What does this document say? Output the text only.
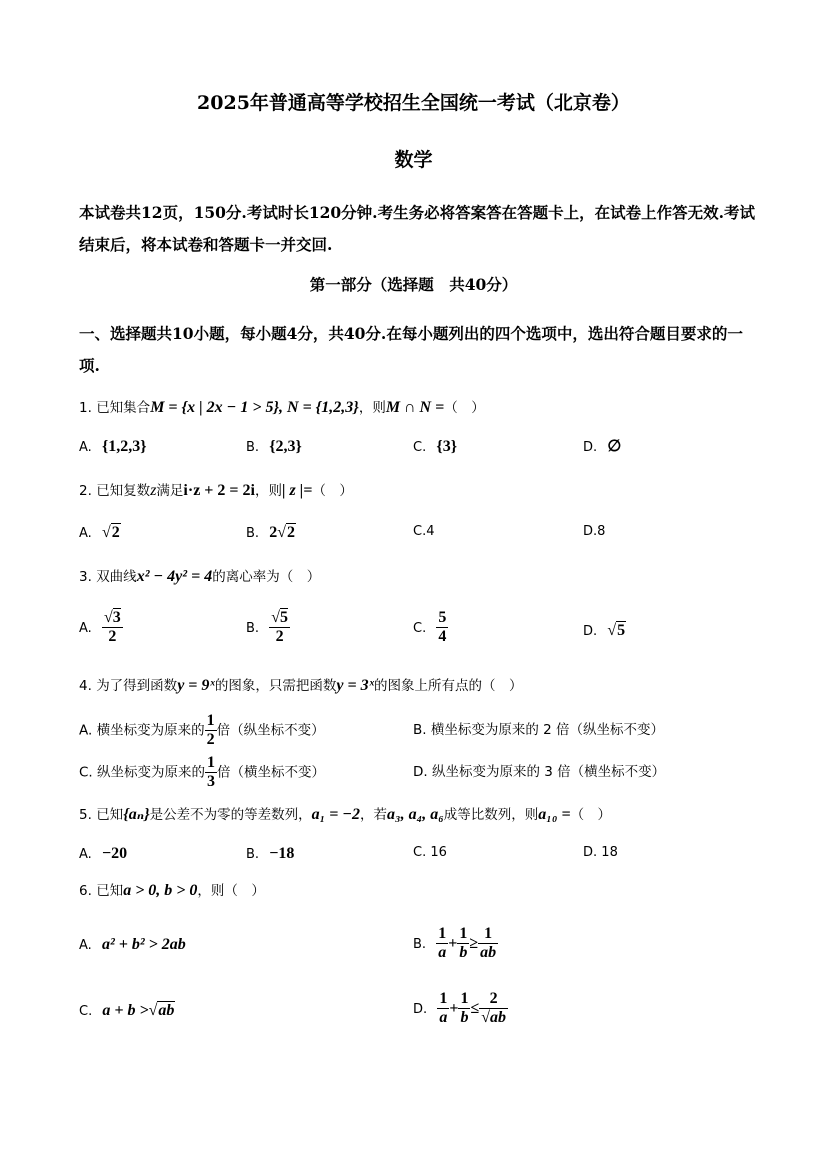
2025年普通高等学校招生全国统一考试（北京卷）
数学
本试卷共12页，150分.考试时长120分钟.考生务必将答案答在答题卡上，在试卷上作答无效.考试结束后，将本试卷和答题卡一并交回.
第一部分（选择题　共40分）
一、选择题共10小题，每小题4分，共40分.在每小题列出的四个选项中，选出符合题目要求的一项.
1. 已知集合M = {x | 2x − 1 > 5}, N = {1,2,3}，则M ∩ N =（　）
A. {1,2,3}	B. {2,3}	C. {3}	D. ∅
2. 已知复数z满足i·z + 2 = 2i，则| z |=（　）
A. √2	B. 2√2	C.4	D.8
3. 双曲线x² − 4y² = 4的离心率为（　）
A. $\frac{√3}{2}$	B. $\frac{√5}{2}$	C. $\frac{5}{4}$	D. √5
4. 为了得到函数y = 9ˣ的图象，只需把函数y = 3ˣ的图象上所有点的（　）
A. 横坐标变为原来的 $\frac{1}{2}$ 倍（纵坐标不变）	B. 横坐标变为原来的 2 倍（纵坐标不变）
C. 纵坐标变为原来的 $\frac{1}{3}$ 倍（横坐标不变）	D. 纵坐标变为原来的 3 倍（横坐标不变）
5. 已知{aₙ}是公差不为零的等差数列，a₁ = −2，若a₃, a₄, a₆成等比数列，则a₁₀ =（　）
A. −20	B. −18	C. 16	D. 18
6. 已知a > 0, b > 0，则（　）
A. a² + b² > 2ab	B. $\frac{1}{a} + \frac{1}{b} \ge \frac{1}{ab}$
C. a + b >√ab	D. $\frac{1}{a} + \frac{1}{b} \le \frac{2}{√ab}$
